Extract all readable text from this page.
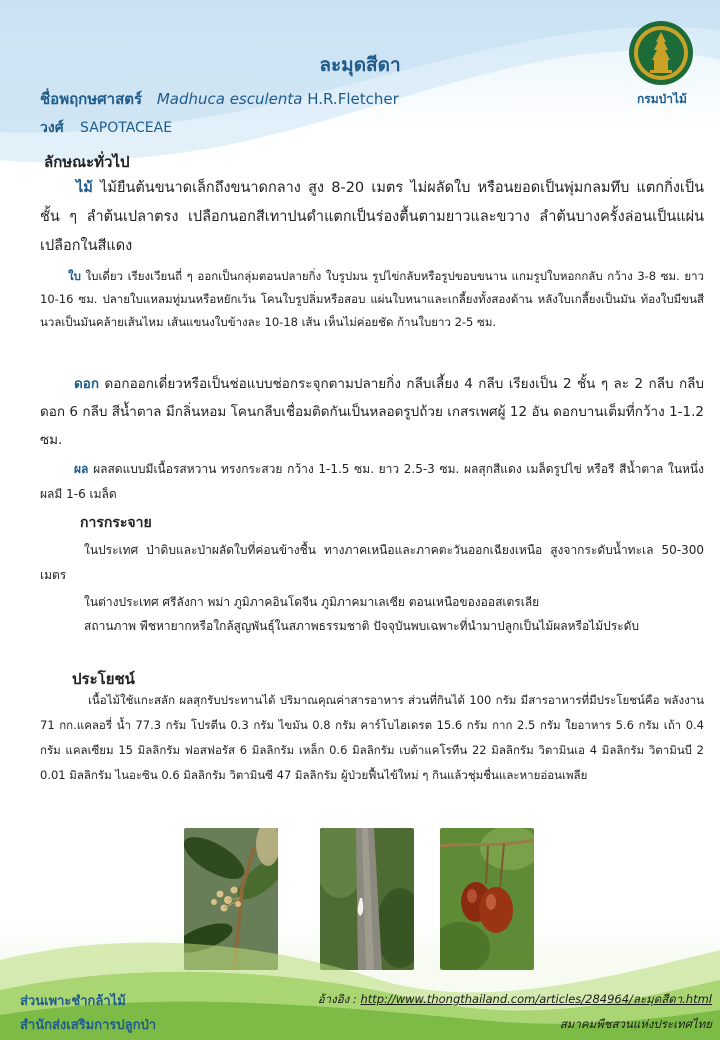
ละมุดสีดา
กรมป่าไม้
ชื่อพฤกษศาสตร์ Madhuca esculenta H.R.Fletcher
วงศ์ SAPOTACEAE
ลักษณะทั่วไป
ไม้ ไม้ยืนต้นขนาดเล็กถึงขนาดกลาง สูง 8-20 เมตร ไม่ผลัดใบ หรือนยอดเป็นพุ่มกลมทึบ แตกกิ่งเป็นชั้น ๆ ลำต้นเปลาตรง เปลือกนอกสีเทาปนดำแตกเป็นร่องตื้นตามยาวและขวาง ลำต้นบางครั้งล่อนเป็นแผ่น เปลือกในสีแดง
ใบ ใบเดี่ยว เรียงเวียนถี่ ๆ ออกเป็นกลุ่มตอนปลายกิ่ง ใบรูปมน รูปไข่กลับหรือรูปขอบขนาน แกมรูปใบหอกกลับ กว้าง 3-8 ซม. ยาว 10-16 ซม. ปลายใบแหลมทู่มนหรือหยักเว้น โคนใบรูปลิ่มหรือสอบ แผ่นใบหนาและเกลี้ยงทั้งสองด้าน หลังใบเกลี้ยงเป็นมัน ท้องใบมีขนสีนวลเป็นมันคล้ายเส้นไหม เส้นแขนงใบข้างละ 10-18 เส้น เห็นไม่ค่อยชัด ก้านใบยาว 2-5 ซม.
ดอก ดอกออกเดี่ยวหรือเป็นช่อแบบช่อกระจุกตามปลายกิ่ง กลีบเลี้ยง 4 กลีบ เรียงเป็น 2 ชั้น ๆ ละ 2 กลีบ กลีบดอก 6 กลีบ สีน้ำตาล มีกลิ่นหอม โคนกลีบเชื่อมติดกันเป็นหลอดรูปถ้วย เกสรเพศผู้ 12 อัน ดอกบานเต็มที่กว้าง 1-1.2 ซม.
ผล ผลสดแบบมีเนื้อรสหวาน ทรงกระสวย กว้าง 1-1.5 ซม. ยาว 2.5-3 ซม. ผลสุกสีแดง เมล็ดรูปไข่ หรือรี สีน้ำตาล ในหนึ่งผลมี 1-6 เมล็ด
การกระจาย
ในประเทศ ป่าดิบและป่าผลัดใบที่ค่อนข้างชื้น ทางภาคเหนือและภาคตะวันออกเฉียงเหนือ สูงจากระดับน้ำทะเล 50-300 เมตร
ในต่างประเทศ ศรีลังกา พม่า ภูมิภาคอินโดจีน ภูมิภาคมาเลเซีย ตอนเหนือของออสเตรเลีย
สถานภาพ พืชหายากหรือใกล้สูญพันธุ์ในสภาพธรรมชาติ ปัจจุบันพบเฉพาะที่นำมาปลูกเป็นไม้ผลหรือไม้ประดับ
ประโยชน์
เนื้อไม้ใช้แกะสลัก ผลสุกรับประทานได้ ปริมาณคุณค่าสารอาหาร ส่วนที่กินได้ 100 กรัม มีสารอาหารที่มีประโยชน์คือ พลังงาน 71 กก.แคลอรี่ น้ำ 77.3 กรัม โปรตีน 0.3 กรัม ไขมัน 0.8 กรัม คาร์โบไฮเดรต 15.6 กรัม กาก 2.5 กรัม ใยอาหาร 5.6 กรัม เถ้า 0.4 กรัม แคลเซียม 15 มิลลิกรัม ฟอสฟอรัส 6 มิลลิกรัม เหล็ก 0.6 มิลลิกรัม เบต้าแคโรทีน 22 มิลลิกรัม วิตามินเอ 4 มิลลิกรัม วิตามินบี 2 0.01 มิลลิกรัม ไนอะซิน 0.6 มิลลิกรัม วิตามินซี 47 มิลลิกรัม ผู้ป่วยฟื้นไข้ใหม่ ๆ กินแล้วชุ่มชื่นและหายอ่อนเพลีย
ส่วนเพาะชำกล้าไม้
สำนักส่งเสริมการปลูกป่า
อ้างอิง : http://www.thongthailand.com/articles/284964/ละมุดสีดา.html
สมาคมพืชสวนแห่งประเทศไทย
